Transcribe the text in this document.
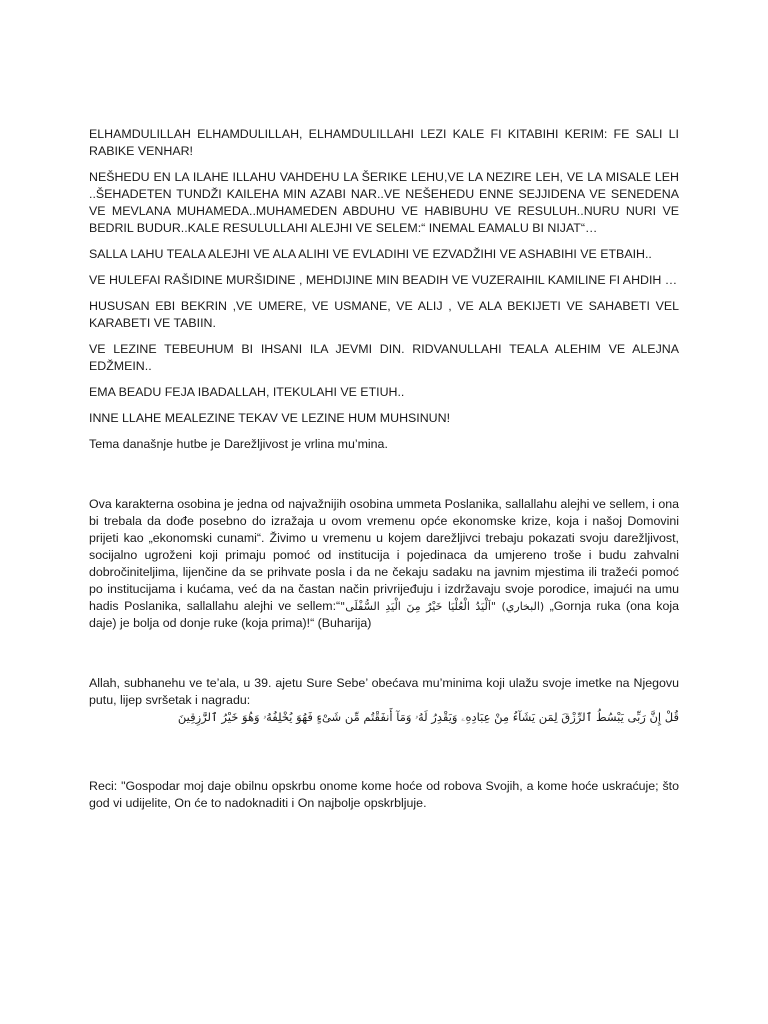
ELHAMDULILLAH ELHAMDULILLAH, ELHAMDULILLAHI LEZI KALE FI KITABIHI KERIM: FE SALI LI RABIKE VENHAR!

NEŠHEDU EN LA ILAHE ILLAHU VAHDEHU LA ŠERIKE LEHU,VE LA NEZIRE LEH, VE LA MISALE LEH ..ŠEHADETEN TUNDŽI KAILEHA MIN AZABI NAR..VE NEŠEHEDU ENNE SEJJIDENA VE SENEDENA VE MEVLANA MUHAMEDA..MUHAMEDEN ABDUHU VE HABIBUHU VE RESULUH..NURU NURI VE BEDRIL BUDUR..KALE RESULULLAHI ALEJHI VE SELEM:“ INEMAL EAMALU BI NIJAT“…

SALLA LAHU TEALA ALEJHI VE ALA ALIHI VE EVLADIHI VE EZVADŽIHI VE ASHABIHI VE ETBAIH..

VE HULEFAI RAŠIDINE MURŠIDINE , MEHDIJINE MIN BEADIH VE VUZERAIHIL KAMILINE FI AHDIH …

HUSUSAN EBI BEKRIN ,VE UMERE, VE USMANE, VE ALIJ , VE ALA BEKIJETI VE SAHABETI VEL KARABETI VE TABIIN.

VE LEZINE TEBEUHUM BI IHSANI ILA JEVMI DIN. RIDVANULLAHI TEALA ALEHIM VE ALEJNA EDŽMEIN..

EMA BEADU FEJA IBADALLAH, ITEKULAHI VE ETIUH..

INNE LLAHE MEALEZINE TEKAV VE LEZINE HUM MUHSINUN!

Tema današnje hutbe je Darežljivost je vrlina mu’mina.

Ova karakterna osobina je jedna od najvažnijih osobina ummeta Poslanika, sallallahu alejhi ve sellem, i ona bi trebala da dođe posebno do izražaja u ovom vremenu opće ekonomske krize, koja i našoj Domovini prijeti kao „ekonomski cunami“. Živimo u vremenu u kojem darežljivci trebaju pokazati svoju darežljivost, socijalno ugroženi koji primaju pomoć od institucija i pojedinaca da umjereno troše i budu zahvalni dobročiniteljima, lijenčine da se prihvate posla i da ne čekaju sadaku na javnim mjestima ili tražeći pomoć po institucijama i kućama, već da na častan način privrijeđuju i izdržavaju svoje porodice, imajući na umu hadis Poslanika, sallallahu alejhi ve sellem:“(البخاري) "اَلْيَدُ الْعُلْيَا خَيْرٌ مِنَ الْيَدِ السُّفْلَى" „Gornja ruka (ona koja daje) je bolja od donje ruke (koja prima)!“ (Buharija)

Allah, subhanehu ve te’ala, u 39. ajetu Sure Sebe’ obećava mu’minima koji ulažu svoje imetke na Njegovu putu, lijep svršetak i nagradu:

قُلْ إِنَّ رَبِّى يَبْسُطُ ٱلرِّزْقَ لِمَن يَشَآءُ مِنْ عِبَادِهِۦ وَيَقْدِرُ لَهُۥ وَمَآ أَنفَقْتُم مِّن شَىْءٍ فَهُوَ يُخْلِفُهُۥ وَهُوَ خَيْرُ ٱلرَّٰزِقِينَ

Reci: "Gospodar moj daje obilnu opskrbu onome kome hoće od robova Svojih, a kome hoće uskraćuje; što god vi udijelite, On će to nadoknaditi i On najbolje opskrbljuje.
